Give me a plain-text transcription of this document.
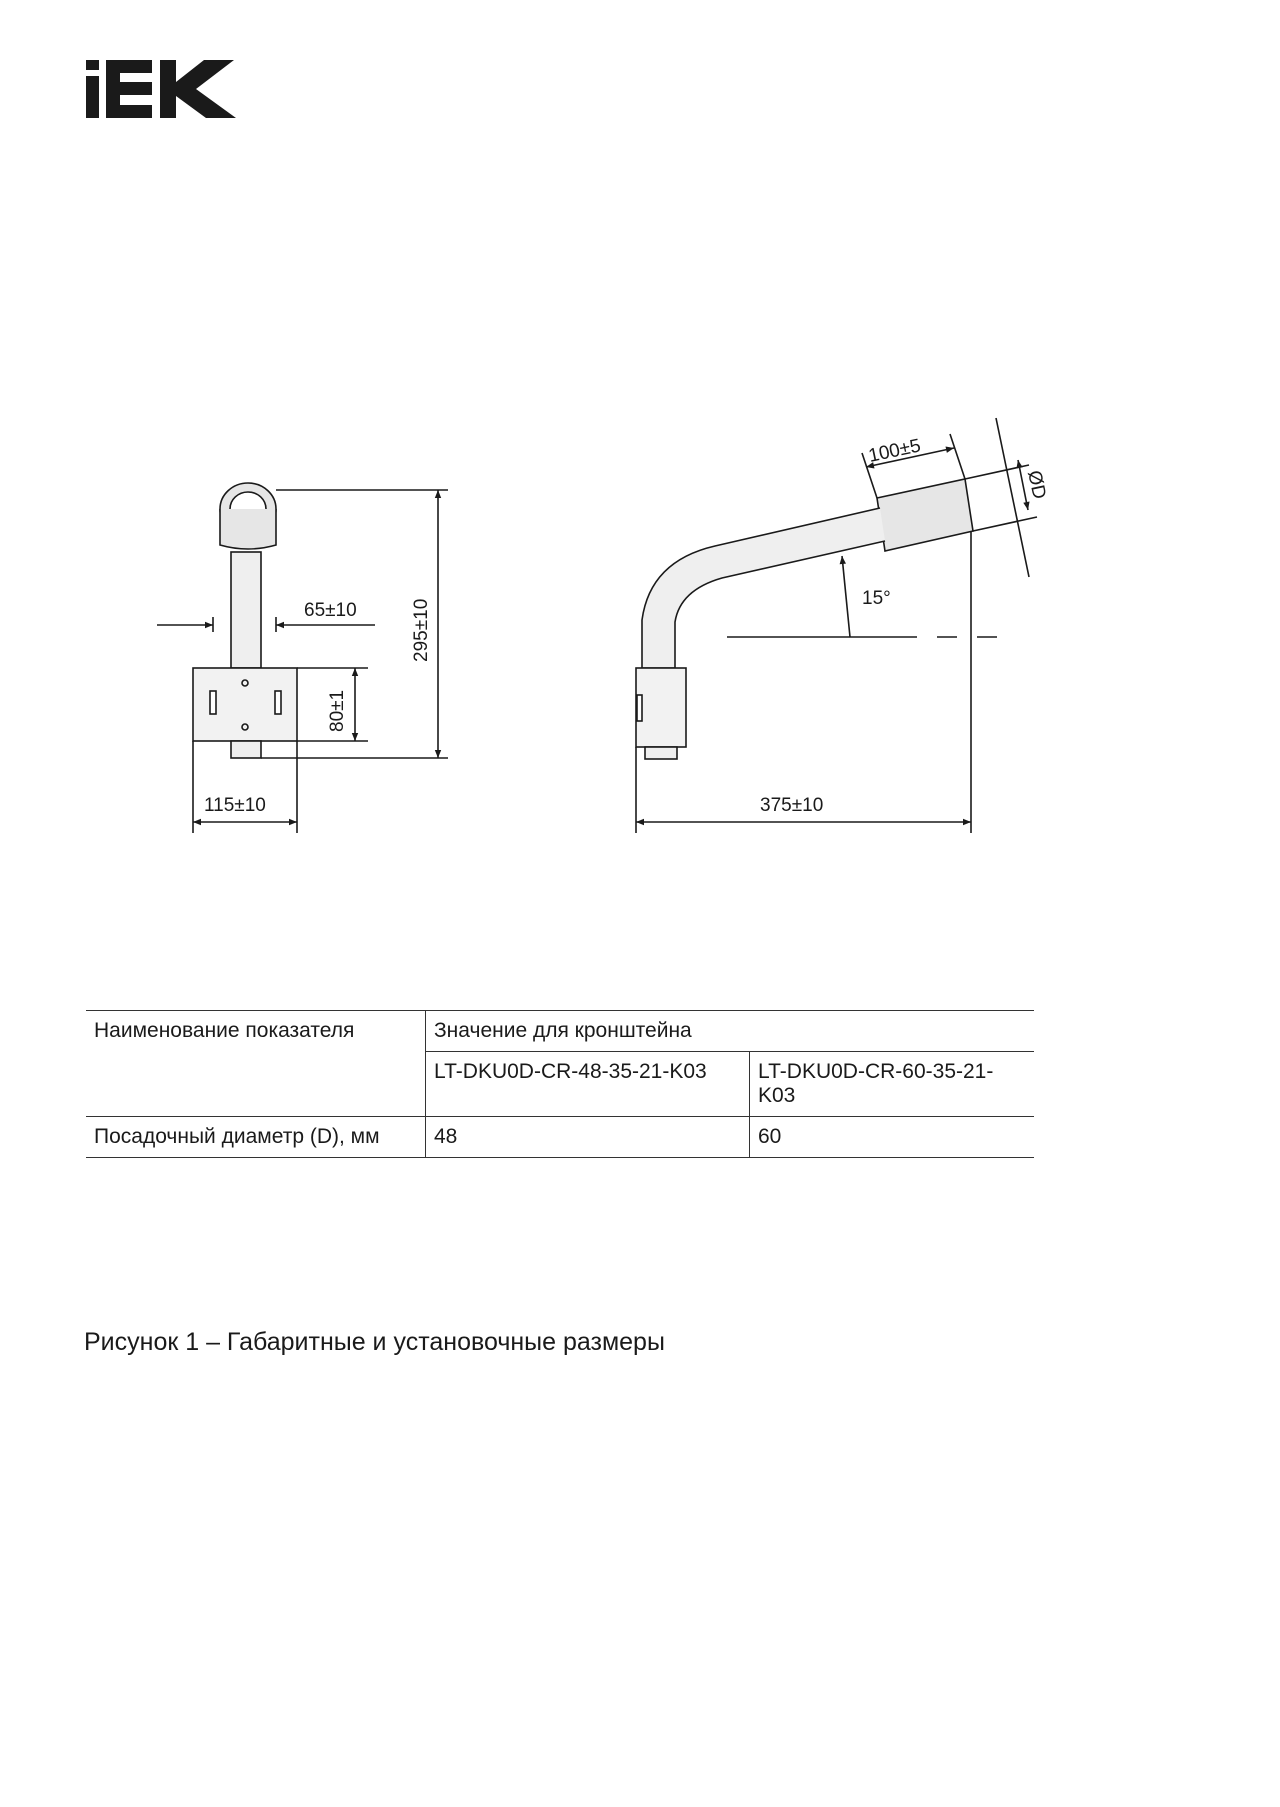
65±10	295±10
80±1
115±10
100±5
ØD
15°
375±10
Наименование показателя	Значение для кронштейна	
	LT-DKU0D-CR-48-35-21-K03	LT-DKU0D-CR-60-35-21-K03
Посадочный диаметр (D), мм	48	60

Рисунок 1 – Габаритные и установочные размеры
